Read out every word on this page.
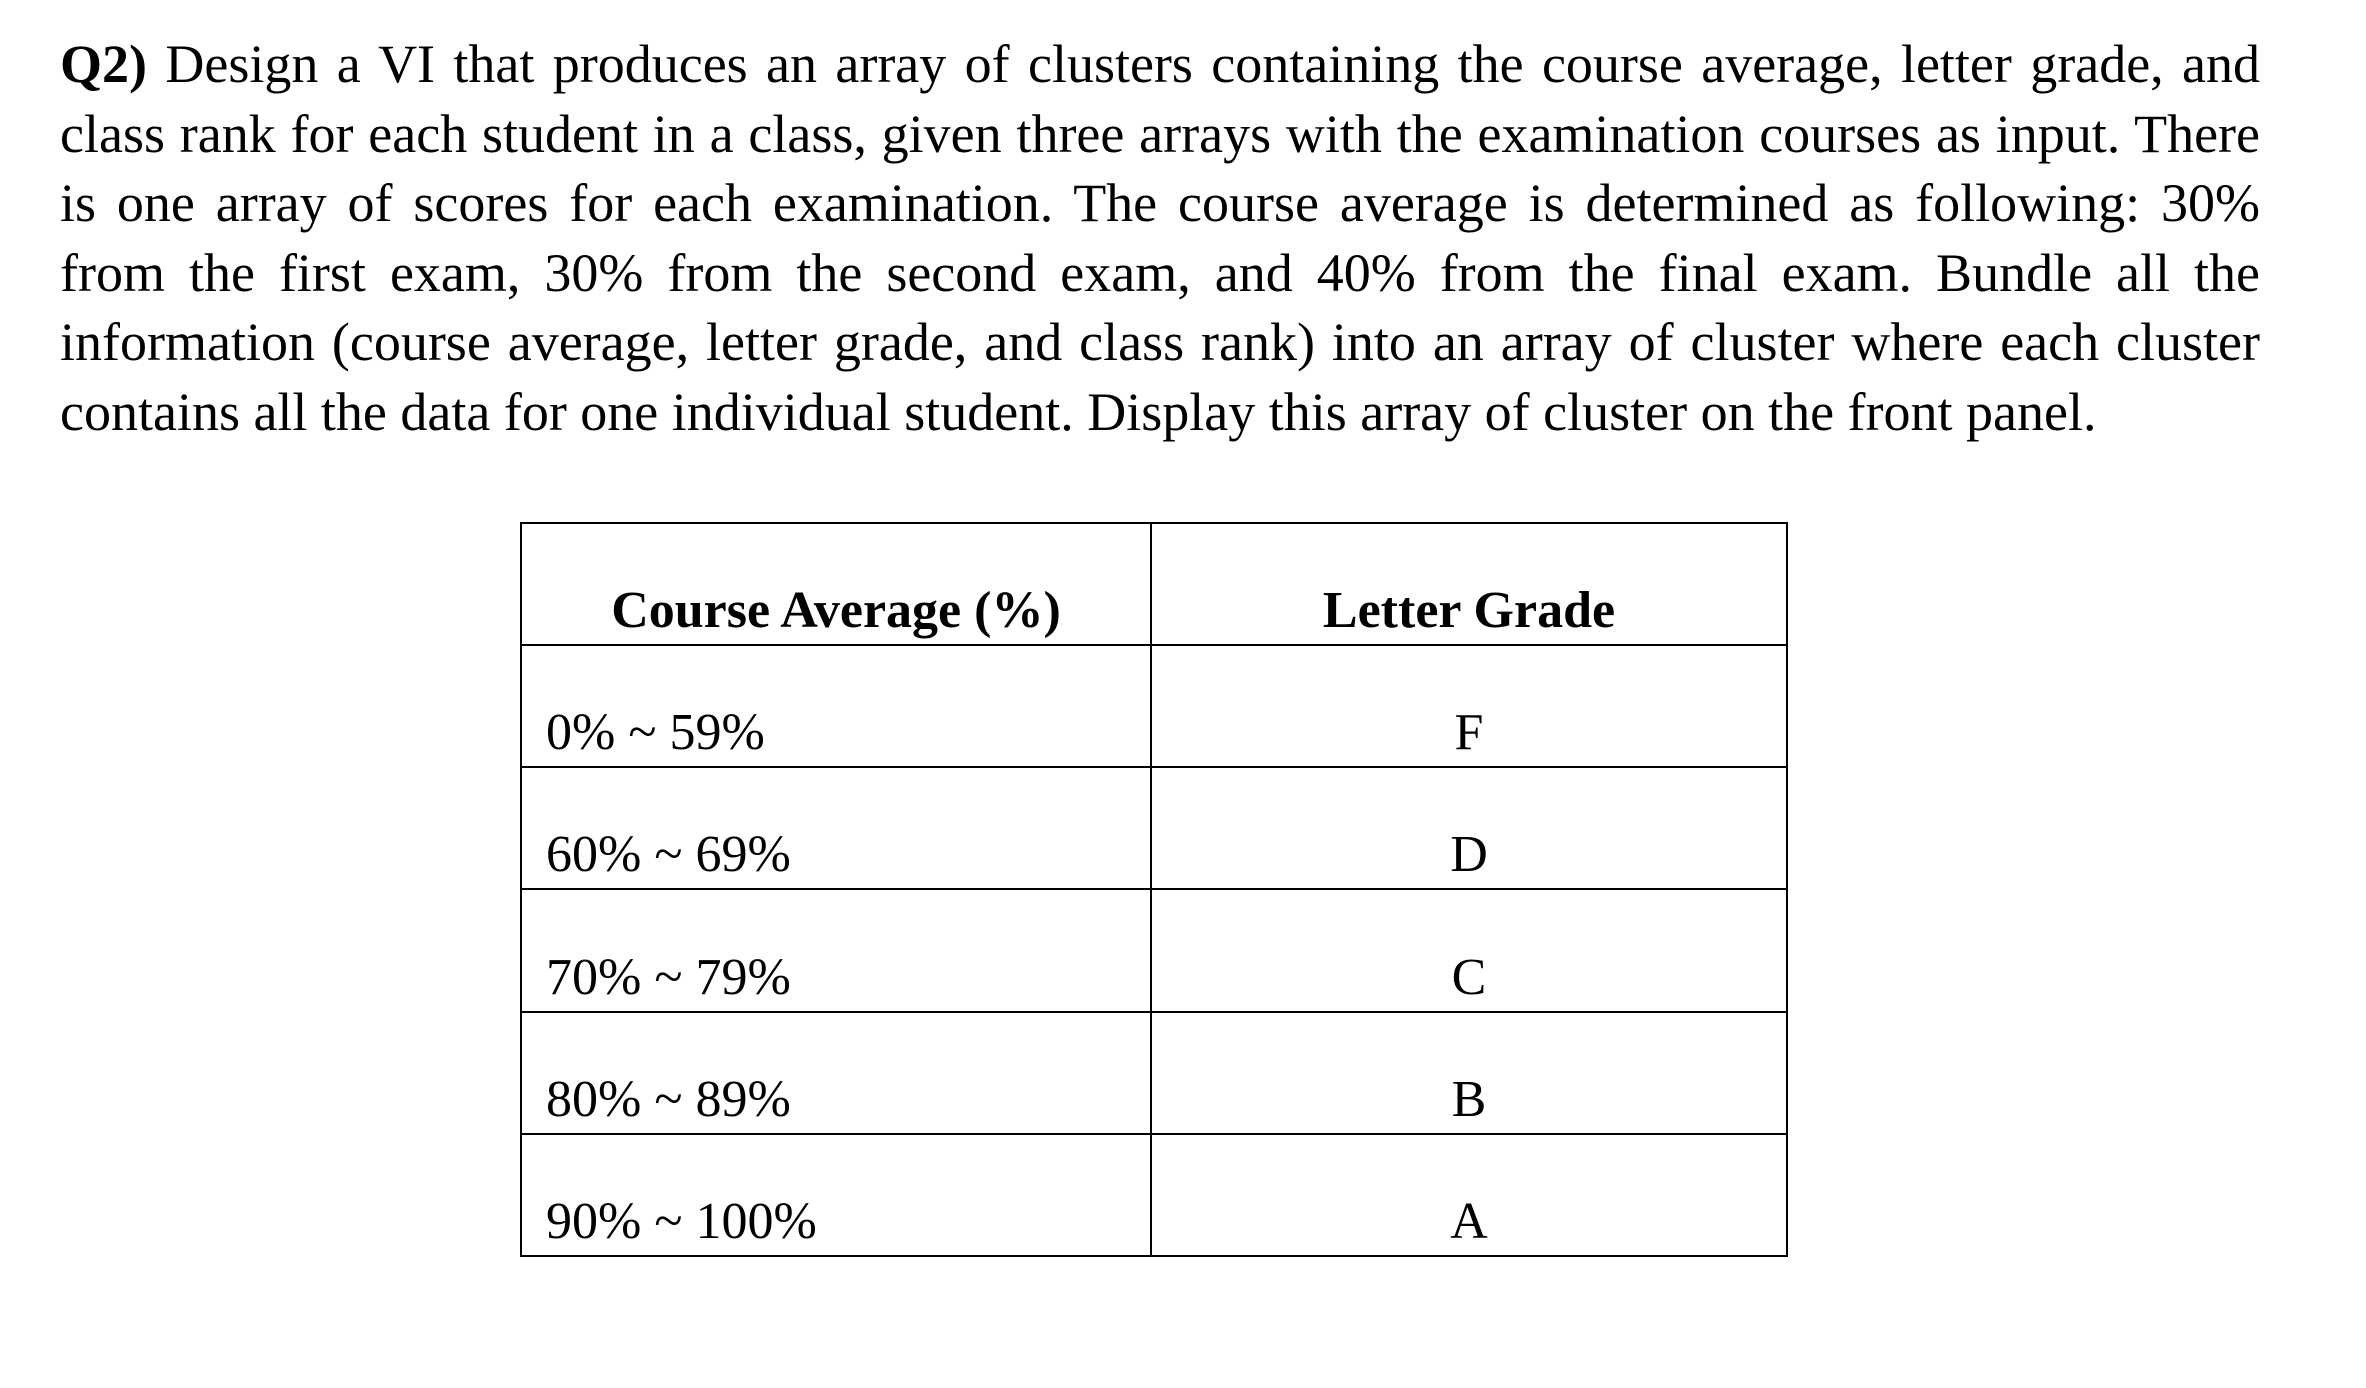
Q2) Design a VI that produces an array of clusters containing the course average, letter grade, and class rank for each student in a class, given three arrays with the examination courses as input. There is one array of scores for each examination. The course average is determined as following: 30% from the first exam, 30% from the second exam, and 40% from the final exam. Bundle all the information (course average, letter grade, and class rank) into an array of cluster where each cluster contains all the data for one individual student. Display this array of cluster on the front panel.

Course Average (%)	Letter Grade
0% ~ 59%	F
60% ~ 69%	D
70% ~ 79%	C
80% ~ 89%	B
90% ~ 100%	A
